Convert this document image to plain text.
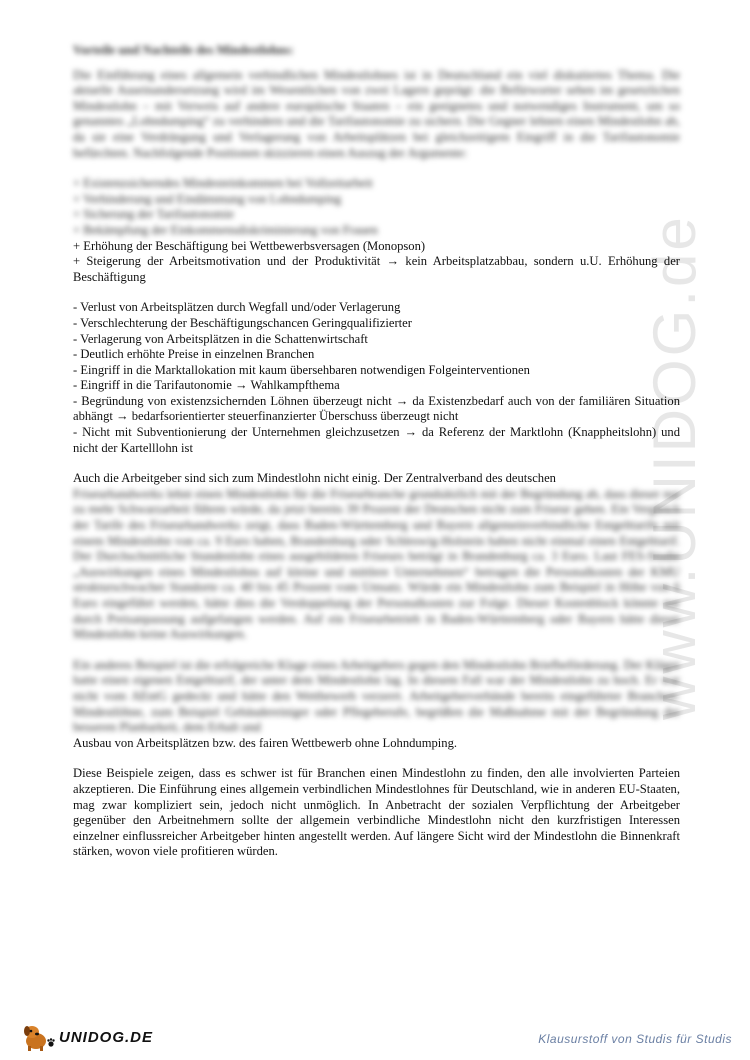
www.UNIDOG.de

Vorteile und Nachteile des Mindestlohns:

Die Einführung eines allgemein verbindlichen Mindestlohnes ist in Deutschland ein viel diskutiertes Thema. Die aktuelle Auseinandersetzung wird im Wesentlichen von zwei Lagern geprägt: die Befürworter sehen im gesetzlichen Mindestlohn – mit Verweis auf andere europäische Staaten – ein geeignetes und notwendiges Instrument, um so genanntes „Lohndumping“ zu verhindern und die Tarifautonomie zu sichern. Die Gegner lehnen einen Mindestlohn ab, da sie eine Verdrängung und Verlagerung von Arbeitsplätzen bei gleichzeitigem Eingriff in die Tarifautonomie befürchten. Nachfolgende Positionen skizzieren einen Auszug der Argumente:

+ Existenzsicherndes Mindesteinkommen bei Vollzeitarbeit

+ Verhinderung und Eindämmung von Lohndumping

+ Sicherung der Tarifautonomie

+ Bekämpfung der Einkommensdiskriminierung von Frauen

+ Erhöhung der Beschäftigung bei Wettbewerbsversagen (Monopson)

+ Steigerung der Arbeitsmotivation und der Produktivität → kein Arbeitsplatzabbau, sondern u.U. Erhöhung der Beschäftigung

- Verlust von Arbeitsplätzen durch Wegfall und/oder Verlagerung

- Verschlechterung der Beschäftigungschancen Geringqualifizierter

- Verlagerung von Arbeitsplätzen in die Schattenwirtschaft

- Deutlich erhöhte Preise in einzelnen Branchen

- Eingriff in die Marktallokation mit kaum übersehbaren notwendigen Folgeinterventionen

- Eingriff in die Tarifautonomie → Wahlkampfthema

- Begründung von existenzsichernden Löhnen überzeugt nicht → da Existenzbedarf auch von der familiären Situation abhängt → bedarfsorientierter steuerfinanzierter Überschuss überzeugt nicht

- Nicht mit Subventionierung der Unternehmen gleichzusetzen → da Referenz der Marktlohn (Knappheitslohn) und nicht der Kartelllohn ist

Auch die Arbeitgeber sind sich zum Mindestlohn nicht einig. Der Zentralverband des deutschen

Friseurhandwerks lehnt einen Mindestlohn für die Friseurbranche grundsätzlich mit der Begründung ab, dass dieser nur zu mehr Schwarzarbeit führen würde, da jetzt bereits 39 Prozent der Deutschen nicht zum Friseur gehen. Ein Vergleich der Tarife des Friseurhandwerks zeigt, dass Baden-Württemberg und Bayern allgemeinverbindliche Entgelttarife mit einem Mindestlohn von ca. 9 Euro haben, Brandenburg oder Schleswig-Holstein haben nicht einmal einen Entgelttarif. Der Durchschnittliche Stundenlohn eines ausgebildeten Friseurs beträgt in Brandenburg ca. 3 Euro. Laut FES-Studie „Auswirkungen eines Mindestlohns auf kleine und mittlere Unternehmen“ betragen die Personalkosten der KMU strukturschwacher Standorte ca. 40 bis 45 Prozent vom Umsatz. Würde ein Mindestlohn zum Beispiel in Höhe von 6 Euro eingeführt werden, hätte dies die Verdoppelung der Personalkosten zur Folge. Dieser Kostenblock könnte nur durch Preisanpassung aufgefangen werden. Auf ein Friseurbetrieb in Baden-Württemberg oder Bayern hätte dieser Mindestlohn keine Auswirkungen.

Ein anderes Beispiel ist die erfolgreiche Klage eines Arbeitgebers gegen den Mindestlohn Briefbeförderung. Der Kläger hatte einen eigenen Entgelttarif, der unter dem Mindestlohn lag. In diesem Fall war der Mindestlohn zu hoch. Er war nicht vom AEntG gedeckt und hätte den Wettbewerb verzerrt. Arbeitgeberverbände bereits eingeführter Branchen-Mindestlöhne, zum Beispiel Gebäudereiniger oder Pflegeberufe, begrüßen die Maßnahme mit der Begründung der besseren Planbarkeit, dem Erhalt und

Ausbau von Arbeitsplätzen bzw. des fairen Wettbewerb ohne Lohndumping.

Diese Beispiele zeigen, dass es schwer ist für Branchen einen Mindestlohn zu finden, den alle involvierten Parteien akzeptieren. Die Einführung eines allgemein verbindlichen Mindestlohnes für Deutschland, wie in anderen EU-Staaten, mag zwar kompliziert sein, jedoch nicht unmöglich. In Anbetracht der sozialen Verpflichtung der Arbeitgeber gegenüber den Arbeitnehmern sollte der allgemein verbindliche Mindestlohn nicht den kurzfristigen Interessen einzelner einflussreicher Arbeitgeber hinten angestellt werden. Auf längere Sicht wird der Mindestlohn die Binnenkraft stärken, wovon viele profitieren würden.

UNIDOG.DE	Klausurstoff von Studis für Studis
